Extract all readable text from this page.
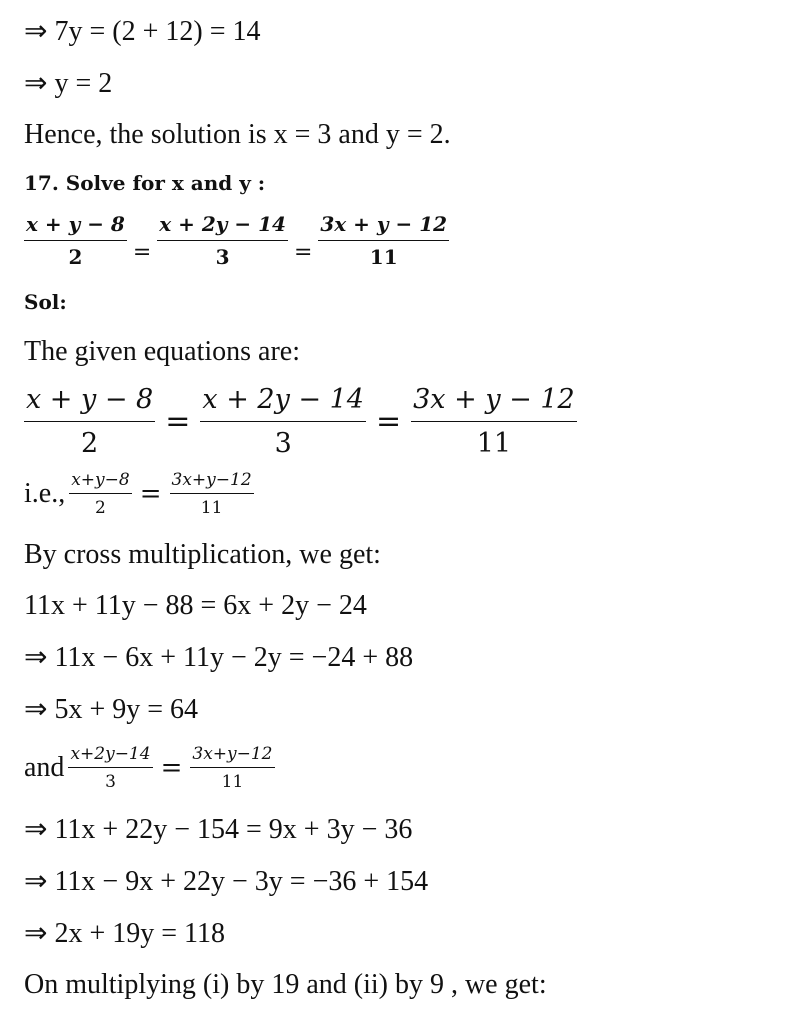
⇒ 7y = (2 + 12) = 14
⇒ y = 2
Hence, the solution is x = 3 and y = 2.
17. Solve for x and y :
$\frac{x + y - 8}{2} = \frac{x + 2y - 14}{3} = \frac{3x + y - 12}{11}$
Sol:
The given equations are:
$\frac{x + y - 8}{2} = \frac{x + 2y - 14}{3} = \frac{3x + y - 12}{11}$
i.e., $\frac{x+y-8}{2} = \frac{3x+y-12}{11}$
By cross multiplication, we get:
11x + 11y − 88 = 6x + 2y − 24
⇒ 11x − 6x + 11y − 2y = −24 + 88
⇒ 5x + 9y = 64
and $\frac{x+2y-14}{3} = \frac{3x+y-12}{11}$
⇒ 11x + 22y − 154 = 9x + 3y − 36
⇒ 11x − 9x + 22y − 3y = −36 + 154
⇒ 2x + 19y = 118
On multiplying (i) by 19 and (ii) by 9 , we get:
